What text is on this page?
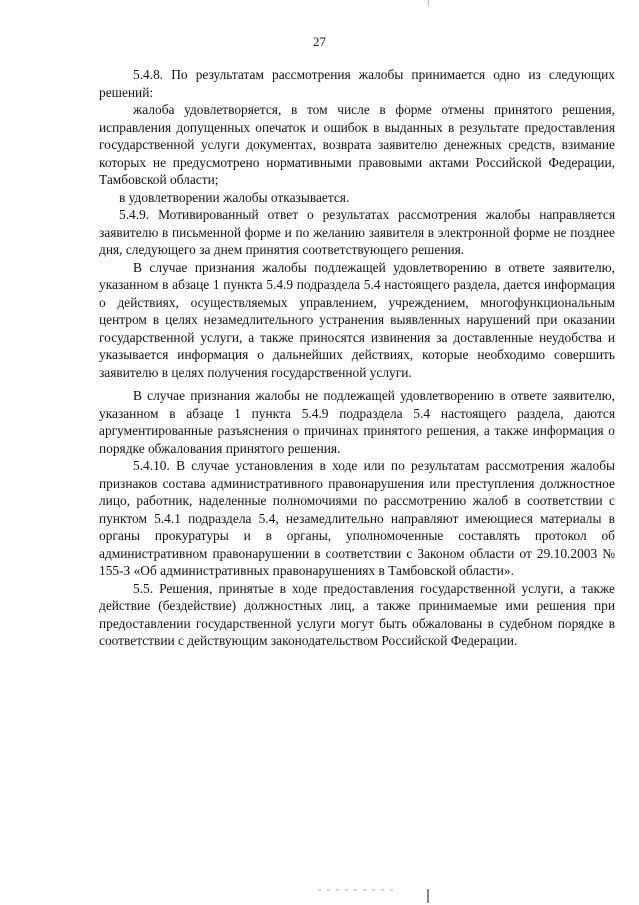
27

5.4.8. По результатам рассмотрения жалобы принимается одно из следующих решений:

жалоба удовлетворяется, в том числе в форме отмены принятого решения, исправления допущенных опечаток и ошибок в выданных в результате предоставления государственной услуги документах, возврата заявителю денежных средств, взимание которых не предусмотрено нормативными правовыми актами Российской Федерации, Тамбовской области;

в удовлетворении жалобы отказывается.

5.4.9. Мотивированный ответ о результатах рассмотрения жалобы направляется заявителю в письменной форме и по желанию заявителя в электронной форме не позднее дня, следующего за днем принятия соответствующего решения.

В случае признания жалобы подлежащей удовлетворению в ответе заявителю, указанном в абзаце 1 пункта 5.4.9 подраздела 5.4 настоящего раздела, дается информация о действиях, осуществляемых управлением, учреждением, многофункциональным центром в целях незамедлительного устранения выявленных нарушений при оказании государственной услуги, а также приносятся извинения за доставленные неудобства и указывается информация о дальнейших действиях, которые необходимо совершить заявителю в целях получения государственной услуги.

В случае признания жалобы не подлежащей удовлетворению в ответе заявителю, указанном в абзаце 1 пункта 5.4.9 подраздела 5.4 настоящего раздела, даются аргументированные разъяснения о причинах принятого решения, а также информация о порядке обжалования принятого решения.

5.4.10. В случае установления в ходе или по результатам рассмотрения жалобы признаков состава административного правонарушения или преступления должностное лицо, работник, наделенные полномочиями по рассмотрению жалоб в соответствии с пунктом 5.4.1 подраздела 5.4, незамедлительно направляют имеющиеся материалы в органы прокуратуры и в органы, уполномоченные составлять протокол об административном правонарушении в соответствии с Законом области от 29.10.2003 № 155-З «Об административных правонарушениях в Тамбовской области».

5.5. Решения, принятые в ходе предоставления государственной услуги, а также действие (бездействие) должностных лиц, а также принимаемые ими решения при предоставлении государственной услуги могут быть обжалованы в судебном порядке в соответствии с действующим законодательством Российской Федерации.
